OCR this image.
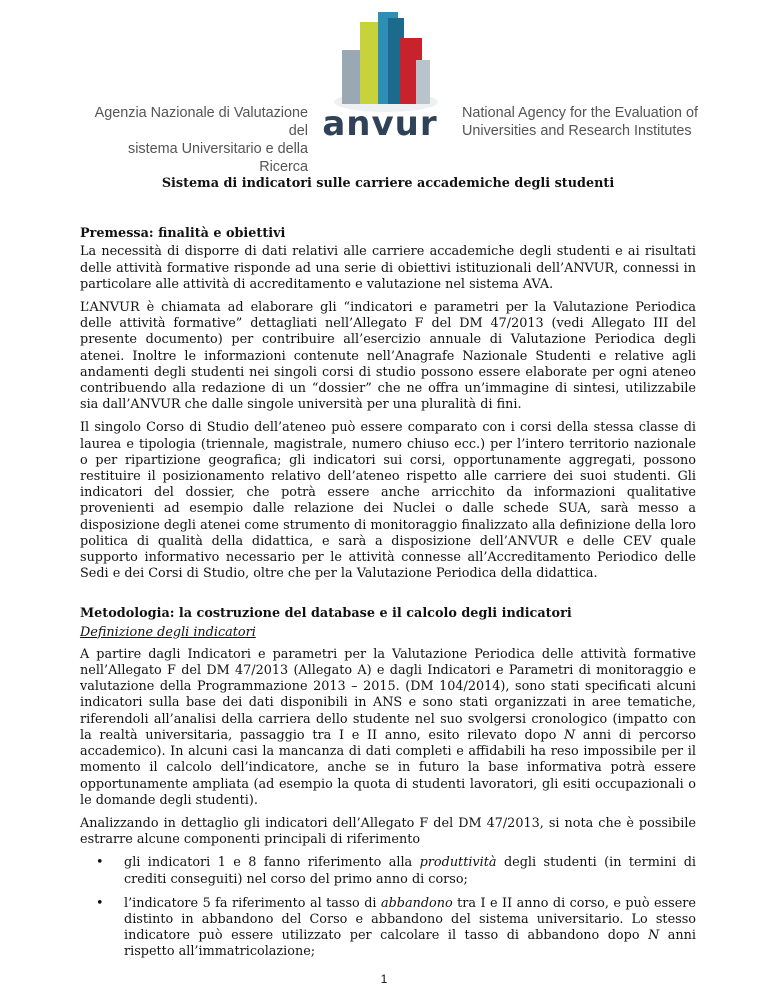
Agenzia Nazionale di Valutazione del
sistema Universitario e della Ricerca
anvur	National Agency for the Evaluation of
Universities and Research Institutes
Sistema di indicatori sulle carriere accademiche degli studenti
Premessa: finalità e obiettivi

La necessità di disporre di dati relativi alle carriere accademiche degli studenti e ai risultati delle attività formative risponde ad una serie di obiettivi istituzionali dell’ANVUR, connessi in particolare alle attività di accreditamento e valutazione nel sistema AVA.

L’ANVUR è chiamata ad elaborare gli “indicatori e parametri per la Valutazione Periodica delle attività formative” dettagliati nell’Allegato F del DM 47/2013 (vedi Allegato III del presente documento) per contribuire all’esercizio annuale di Valutazione Periodica degli atenei. Inoltre le informazioni contenute nell’Anagrafe Nazionale Studenti e relative agli andamenti degli studenti nei singoli corsi di studio possono essere elaborate per ogni ateneo contribuendo alla redazione di un “dossier” che ne offra un’immagine di sintesi, utilizzabile sia dall’ANVUR che dalle singole università per una pluralità di fini.

Il singolo Corso di Studio dell’ateneo può essere comparato con i corsi della stessa classe di laurea e tipologia (triennale, magistrale, numero chiuso ecc.) per l’intero territorio nazionale o per ripartizione geografica; gli indicatori sui corsi, opportunamente aggregati, possono restituire il posizionamento relativo dell’ateneo rispetto alle carriere dei suoi studenti. Gli indicatori del dossier, che potrà essere anche arricchito da informazioni qualitative provenienti ad esempio dalle relazione dei Nuclei o dalle schede SUA, sarà messo a disposizione degli atenei come strumento di monitoraggio finalizzato alla definizione della loro politica di qualità della didattica, e sarà a disposizione dell’ANVUR e delle CEV quale supporto informativo necessario per le attività connesse all’Accreditamento Periodico delle Sedi e dei Corsi di Studio, oltre che per la Valutazione Periodica della didattica.

Metodologia: la costruzione del database e il calcolo degli indicatori
Definizione degli indicatori

A partire dagli Indicatori e parametri per la Valutazione Periodica delle attività formative nell’Allegato F del DM 47/2013 (Allegato A) e dagli Indicatori e Parametri di monitoraggio e valutazione della Programmazione 2013 – 2015. (DM 104/2014), sono stati specificati alcuni indicatori sulla base dei dati disponibili in ANS e sono stati organizzati in aree tematiche, riferendoli all’analisi della carriera dello studente nel suo svolgersi cronologico (impatto con la realtà universitaria, passaggio tra I e II anno, esito rilevato dopo N anni di percorso accademico). In alcuni casi la mancanza di dati completi e affidabili ha reso impossibile per il momento il calcolo dell’indicatore, anche se in futuro la base informativa potrà essere opportunamente ampliata (ad esempio la quota di studenti lavoratori, gli esiti occupazionali o le domande degli studenti).

Analizzando in dettaglio gli indicatori dell’Allegato F del DM 47/2013, si nota che è possibile estrarre alcune componenti principali di riferimento

• gli indicatori 1 e 8 fanno riferimento alla produttività degli studenti (in termini di crediti conseguiti) nel corso del primo anno di corso;
• l’indicatore 5 fa riferimento al tasso di abbandono tra I e II anno di corso, e può essere distinto in abbandono del Corso e abbandono del sistema universitario. Lo stesso indicatore può essere utilizzato per calcolare il tasso di abbandono dopo N anni rispetto all’immatricolazione;
1
